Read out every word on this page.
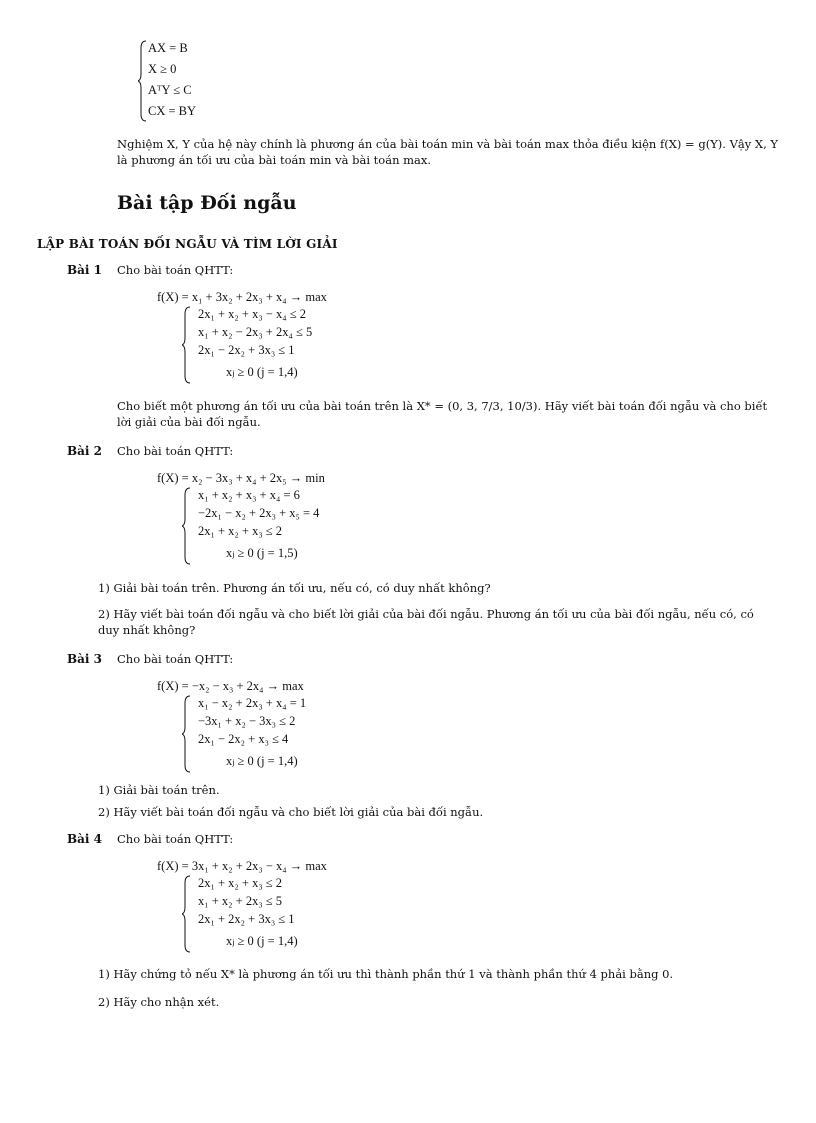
AX = B
X ≥ 0
AᵀY ≤ C
CX = BY
Nghiệm X, Y của hệ này chính là phương án của bài toán min và bài toán max thỏa điều kiện f(X) = g(Y). Vậy X, Y là phương án tối ưu của bài toán min và bài toán max.
Bài tập Đối ngẫu
LẬP BÀI TOÁN ĐỐI NGẪU VÀ TÌM LỜI GIẢI
Bài 1 Cho bài toán QHTT:
f(X) = x₁ + 3x₂ + 2x₃ + x₄ → max
2x₁ + x₂ + x₃ − x₄ ≤ 2
x₁ + x₂ − 2x₃ + 2x₄ ≤ 5
2x₁ − 2x₂ + 3x₃ ≤ 1
xⱼ ≥ 0 (j = 1,4)
Cho biết một phương án tối ưu của bài toán trên là X* = (0, 3, 7/3, 10/3). Hãy viết bài toán đối ngẫu và cho biết lời giải của bài đối ngẫu.
Bài 2 Cho bài toán QHTT:
f(X) = x₂ − 3x₃ + x₄ + 2x₅ → min
x₁ + x₂ + x₃ + x₄ = 6
−2x₁ − x₂ + 2x₃ + x₅ = 4
2x₁ + x₂ + x₃ ≤ 2
xⱼ ≥ 0 (j = 1,5)
1) Giải bài toán trên. Phương án tối ưu, nếu có, có duy nhất không?
2) Hãy viết bài toán đối ngẫu và cho biết lời giải của bài đối ngẫu. Phương án tối ưu của bài đối ngẫu, nếu có, có duy nhất không?
Bài 3 Cho bài toán QHTT:
f(X) = −x₂ − x₃ + 2x₄ → max
x₁ − x₂ + 2x₃ + x₄ = 1
−3x₁ + x₂ − 3x₃ ≤ 2
2x₁ − 2x₂ + x₃ ≤ 4
xⱼ ≥ 0 (j = 1,4)
1) Giải bài toán trên.
2) Hãy viết bài toán đối ngẫu và cho biết lời giải của bài đối ngẫu.
Bài 4 Cho bài toán QHTT:
f(X) = 3x₁ + x₂ + 2x₃ − x₄ → max
2x₁ + x₂ + x₃ ≤ 2
x₁ + x₂ + 2x₃ ≤ 5
2x₁ + 2x₂ + 3x₃ ≤ 1
xⱼ ≥ 0 (j = 1,4)
1) Hãy chứng tỏ nếu X* là phương án tối ưu thì thành phần thứ 1 và thành phần thứ 4 phải bằng 0.
2) Hãy cho nhận xét.
